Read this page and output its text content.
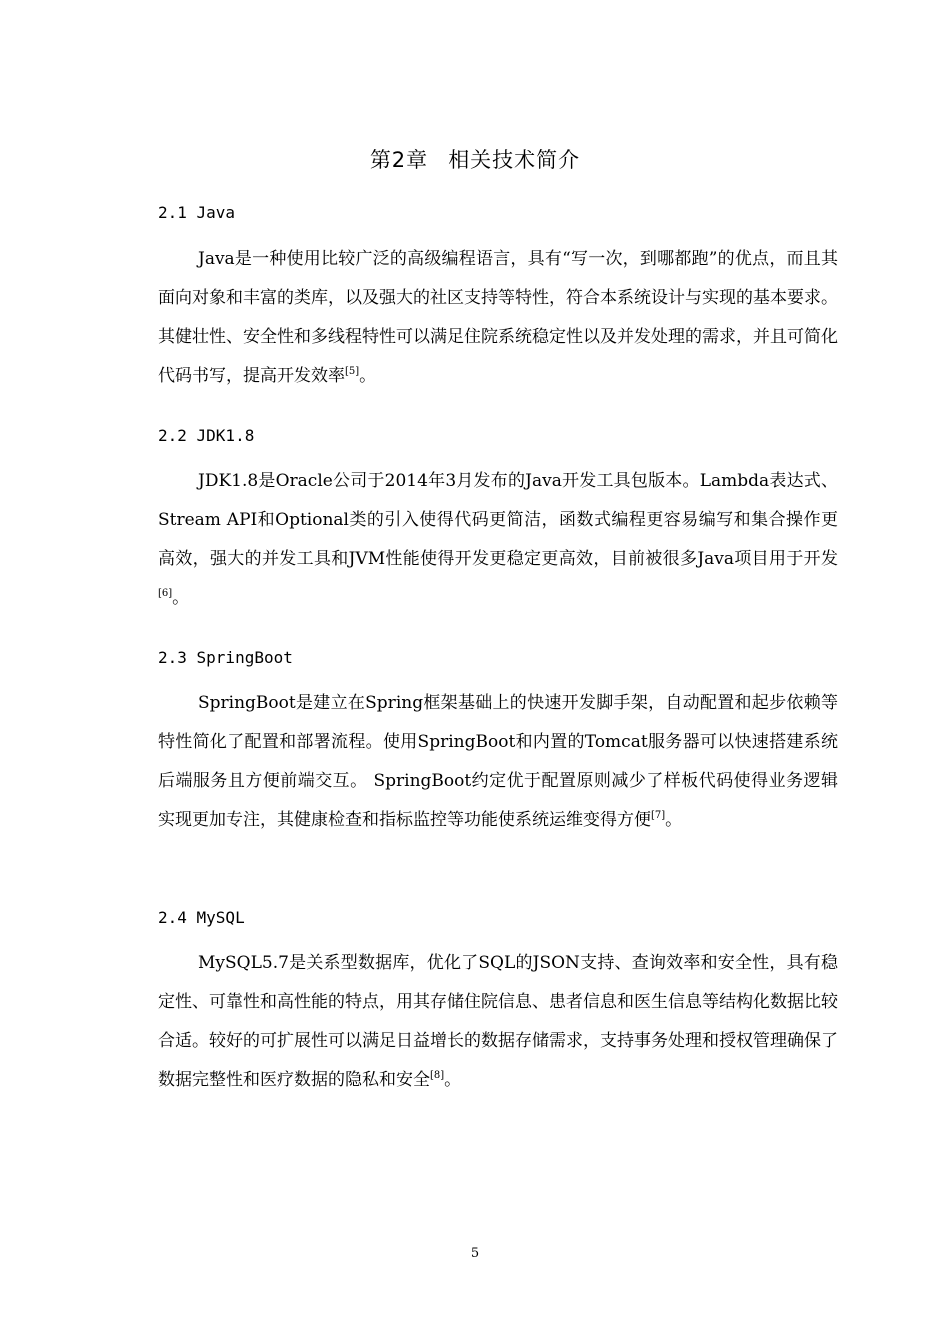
第2章 相关技术简介
2.1 Java

Java是一种使用比较广泛的高级编程语言，具有“写一次，到哪都跑”的优点，而且其面向对象和丰富的类库，以及强大的社区支持等特性，符合本系统设计与实现的基本要求。其健壮性、安全性和多线程特性可以满足住院系统稳定性以及并发处理的需求，并且可简化代码书写，提高开发效率[5]。

2.2 JDK1.8

JDK1.8是Oracle公司于2014年3月发布的Java开发工具包版本。Lambda表达式、Stream API和Optional类的引入使得代码更简洁，函数式编程更容易编写和集合操作更高效，强大的并发工具和JVM性能使得开发更稳定更高效，目前被很多Java项目用于开发[6]。

2.3 SpringBoot

SpringBoot是建立在Spring框架基础上的快速开发脚手架，自动配置和起步依赖等特性简化了配置和部署流程。使用SpringBoot和内置的Tomcat服务器可以快速搭建系统后端服务且方便前端交互。 SpringBoot约定优于配置原则减少了样板代码使得业务逻辑实现更加专注，其健康检查和指标监控等功能使系统运维变得方便[7]。

2.4 MySQL

MySQL5.7是关系型数据库，优化了SQL的JSON支持、查询效率和安全性，具有稳定性、可靠性和高性能的特点，用其存储住院信息、患者信息和医生信息等结构化数据比较合适。较好的可扩展性可以满足日益增长的数据存储需求，支持事务处理和授权管理确保了数据完整性和医疗数据的隐私和安全[8]。

5
